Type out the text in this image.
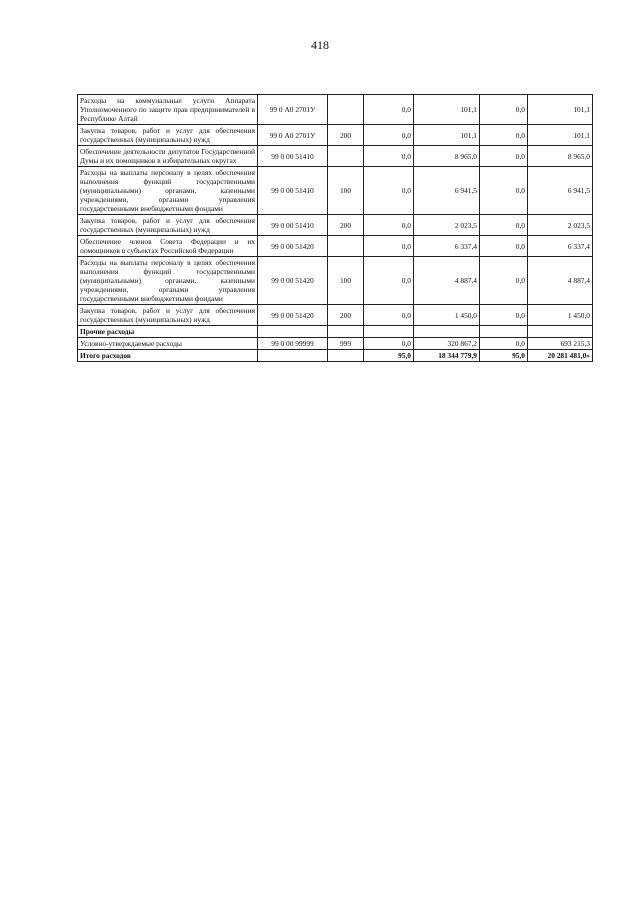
418
Расходы на коммунальные услуги Аппарата Уполномоченного по защите прав предпринимателей в Республике Алтай	99 0 А0 2701У		0,0	101,1	0,0	101,1
Закупка товаров, работ и услуг для обеспечения государственных (муниципальных) нужд	99 0 А0 2701У	200	0,0	101,1	0,0	101,1
Обеспечение деятельности депутатов Государственной Думы и их помощников в избирательных округах	99 0 00 51410		0,0	8 965,0	0,0	8 965,0
Расходы на выплаты персоналу в целях обеспечения выполнения функций государственными (муниципальными) органами, казенными учреждениями, органами управления государственными внебюджетными фондами	99 0 00 51410	100	0,0	6 941,5	0,0	6 941,5
Закупка товаров, работ и услуг для обеспечения государственных (муниципальных) нужд	99 0 00 51410	200	0,0	2 023,5	0,0	2 023,5
Обеспечение членов Совета Федерации и их помощников в субъектах Российской Федерации	99 0 00 51420		0,0	6 337,4	0,0	6 337,4
Расходы на выплаты персоналу в целях обеспечения выполнения функций государственными (муниципальными) органами, казенными учреждениями, органами управления государственными внебюджетными фондами	99 0 00 51420	100	0,0	4 887,4	0,0	4 887,4
Закупка товаров, работ и услуг для обеспечения государственных (муниципальных) нужд	99 0 00 51420	200	0,0	1 450,0	0,0	1 450,0
Прочие расходы						
Условно-утверждаемые расходы	99 0 00 99999	999	0,0	320 867,2	0,0	693 215,3
Итого расходов			95,0	18 344 779,9	95,0	20 281 481,0»
